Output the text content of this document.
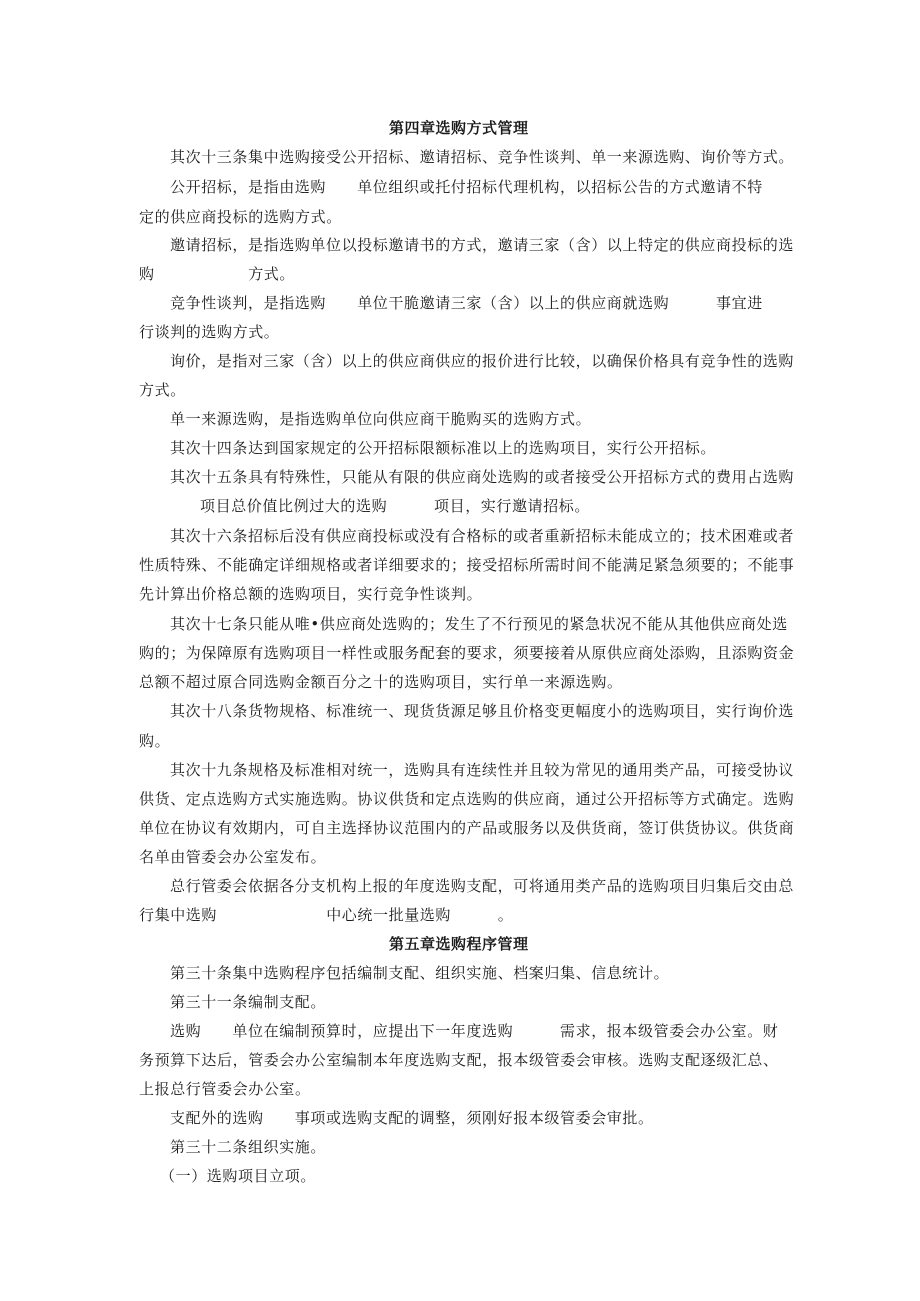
第四章选购方式管理
其次十三条集中选购接受公开招标、邀请招标、竞争性谈判、单一来源选购、询价等方式。
公开招标，是指由选购　　单位组织或托付招标代理机构，以招标公告的方式邀请不特
定的供应商投标的选购方式。
邀请招标，是指选购单位以投标邀请书的方式，邀请三家（含）以上特定的供应商投标的选
购　　　　　　方式。
竞争性谈判，是指选购　　单位干脆邀请三家（含）以上的供应商就选购　　　事宜进
行谈判的选购方式。
询价，是指对三家（含）以上的供应商供应的报价进行比较，以确保价格具有竞争性的选购
方式。
单一来源选购，是指选购单位向供应商干脆购买的选购方式。
其次十四条达到国家规定的公开招标限额标准以上的选购项目，实行公开招标。
其次十五条具有特殊性，只能从有限的供应商处选购的或者接受公开招标方式的费用占选购
项目总价值比例过大的选购　　　项目，实行邀请招标。
其次十六条招标后没有供应商投标或没有合格标的或者重新招标未能成立的；技术困难或者
性质特殊、不能确定详细规格或者详细要求的；接受招标所需时间不能满足紧急须要的；不能事
先计算出价格总额的选购项目，实行竞争性谈判。
其次十七条只能从唯•供应商处选购的；发生了不行预见的紧急状况不能从其他供应商处选
购的；为保障原有选购项目一样性或服务配套的要求，须要接着从原供应商处添购，且添购资金
总额不超过原合同选购金额百分之十的选购项目，实行单一来源选购。
其次十八条货物规格、标准统一、现货货源足够且价格变更幅度小的选购项目，实行询价选
购。
其次十九条规格及标准相对统一，选购具有连续性并且较为常见的通用类产品，可接受协议
供货、定点选购方式实施选购。协议供货和定点选购的供应商，通过公开招标等方式确定。选购
单位在协议有效期内，可自主选择协议范围内的产品或服务以及供货商，签订供货协议。供货商
名单由管委会办公室发布。
总行管委会依据各分支机构上报的年度选购支配，可将通用类产品的选购项目归集后交由总
行集中选购　　　　　　　中心统一批量选购　　　。
第五章选购程序管理
第三十条集中选购程序包括编制支配、组织实施、档案归集、信息统计。
第三十一条编制支配。
选购　　单位在编制预算时，应提出下一年度选购　　　需求，报本级管委会办公室。财
务预算下达后，管委会办公室编制本年度选购支配，报本级管委会审核。选购支配逐级汇总、
上报总行管委会办公室。
支配外的选购　　事项或选购支配的调整，须刚好报本级管委会审批。
第三十二条组织实施。
（一）选购项目立项。
